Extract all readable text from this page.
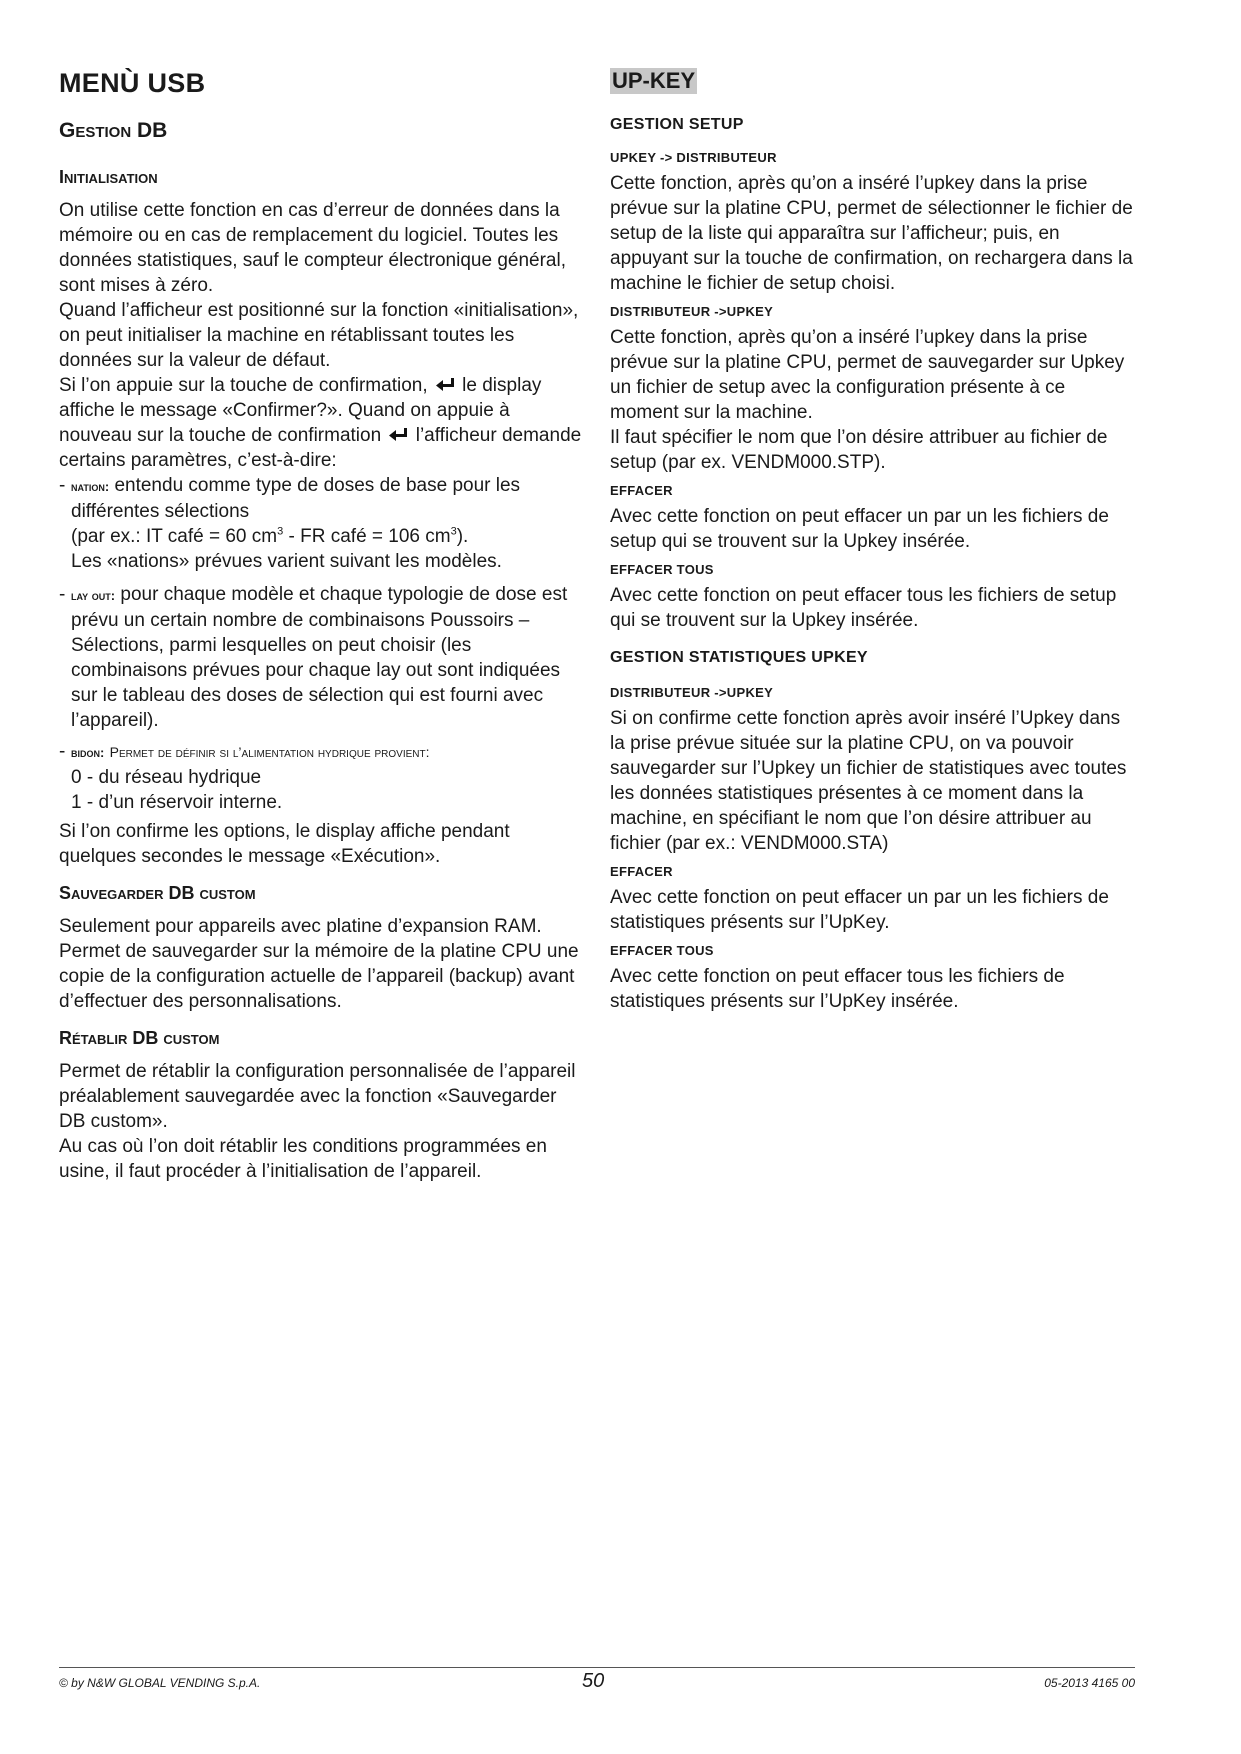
MENÙ USB
Gestion DB
Initialisation

On utilise cette fonction en cas d’erreur de données dans la mémoire ou en cas de remplacement du logiciel. Toutes les données statistiques, sauf le compteur électronique général, sont mises à zéro.

Quand l’afficheur est positionné sur la fonction «initialisation», on peut initialiser la machine en rétablissant toutes les données sur la valeur de défaut.

Si l’on appuie sur la touche de confirmation, le display affiche le message «Confirmer?». Quand on appuie à nouveau sur la touche de confirmation l’afficheur demande certains paramètres, c’est-à-dire:

- nation: entendu comme type de doses de base pour les différentes sélections
(par ex.: IT café = 60 $cm^3$ - FR café = 106 $cm^3$).
Les «nations» prévues varient suivant les modèles.
- lay out: pour chaque modèle et chaque typologie de dose est prévu un certain nombre de combinaisons Poussoirs – Sélections, parmi lesquelles on peut choisir (les combinaisons prévues pour chaque lay out sont indiquées sur le tableau des doses de sélection qui est fourni avec l’appareil).
- bidon: Permet de définir si l’alimentation hydrique provient:
0 - du réseau hydrique
1 - d’un réservoir interne.

Si l’on confirme les options, le display affiche pendant quelques secondes le message «Exécution».

Sauvegarder DB custom

Seulement pour appareils avec platine d’expansion RAM.

Permet de sauvegarder sur la mémoire de la platine CPU une copie de la configuration actuelle de l’appareil (backup) avant d’effectuer des personnalisations.

Rétablir DB custom

Permet de rétablir la configuration personnalisée de l’appareil préalablement sauvegardée avec la fonction «Sauvegarder DB custom».

Au cas où l’on doit rétablir les conditions programmées en usine, il faut procéder à l’initialisation de l’appareil.

UP-KEY
GESTION SETUP
UPKEY -> DISTRIBUTEUR

Cette fonction, après qu’on a inséré l’upkey dans la prise prévue sur la platine CPU, permet de sélectionner le fichier de setup de la liste qui apparaîtra sur l’afficheur; puis, en appuyant sur la touche de confirmation, on rechargera dans la machine le fichier de setup choisi.

DISTRIBUTEUR ->UPKEY

Cette fonction, après qu’on a inséré l’upkey dans la prise prévue sur la platine CPU, permet de sauvegarder sur Upkey un fichier de setup avec la configuration présente à ce moment sur la machine.

Il faut spécifier le nom que l’on désire attribuer au fichier de setup (par ex. VENDM000.STP).

EFFACER

Avec cette fonction on peut effacer un par un les fichiers de setup qui se trouvent sur la Upkey insérée.

EFFACER TOUS

Avec cette fonction on peut effacer tous les fichiers de setup qui se trouvent sur la Upkey insérée.

GESTION STATISTIQUES UPKEY
DISTRIBUTEUR ->UPKEY

Si on confirme cette fonction après avoir inséré l’Upkey dans la prise prévue située sur la platine CPU, on va pouvoir sauvegarder sur l’Upkey un fichier de statistiques avec toutes les données statistiques présentes à ce moment dans la machine, en spécifiant le nom que l’on désire attribuer au fichier (par ex.: VENDM000.STA)

EFFACER

Avec cette fonction on peut effacer un par un les fichiers de statistiques présents sur l’UpKey.

EFFACER TOUS

Avec cette fonction on peut effacer tous les fichiers de statistiques présents sur l’UpKey insérée.

© by N&W GLOBAL VENDING S.p.A.	50	05-2013 4165 00
